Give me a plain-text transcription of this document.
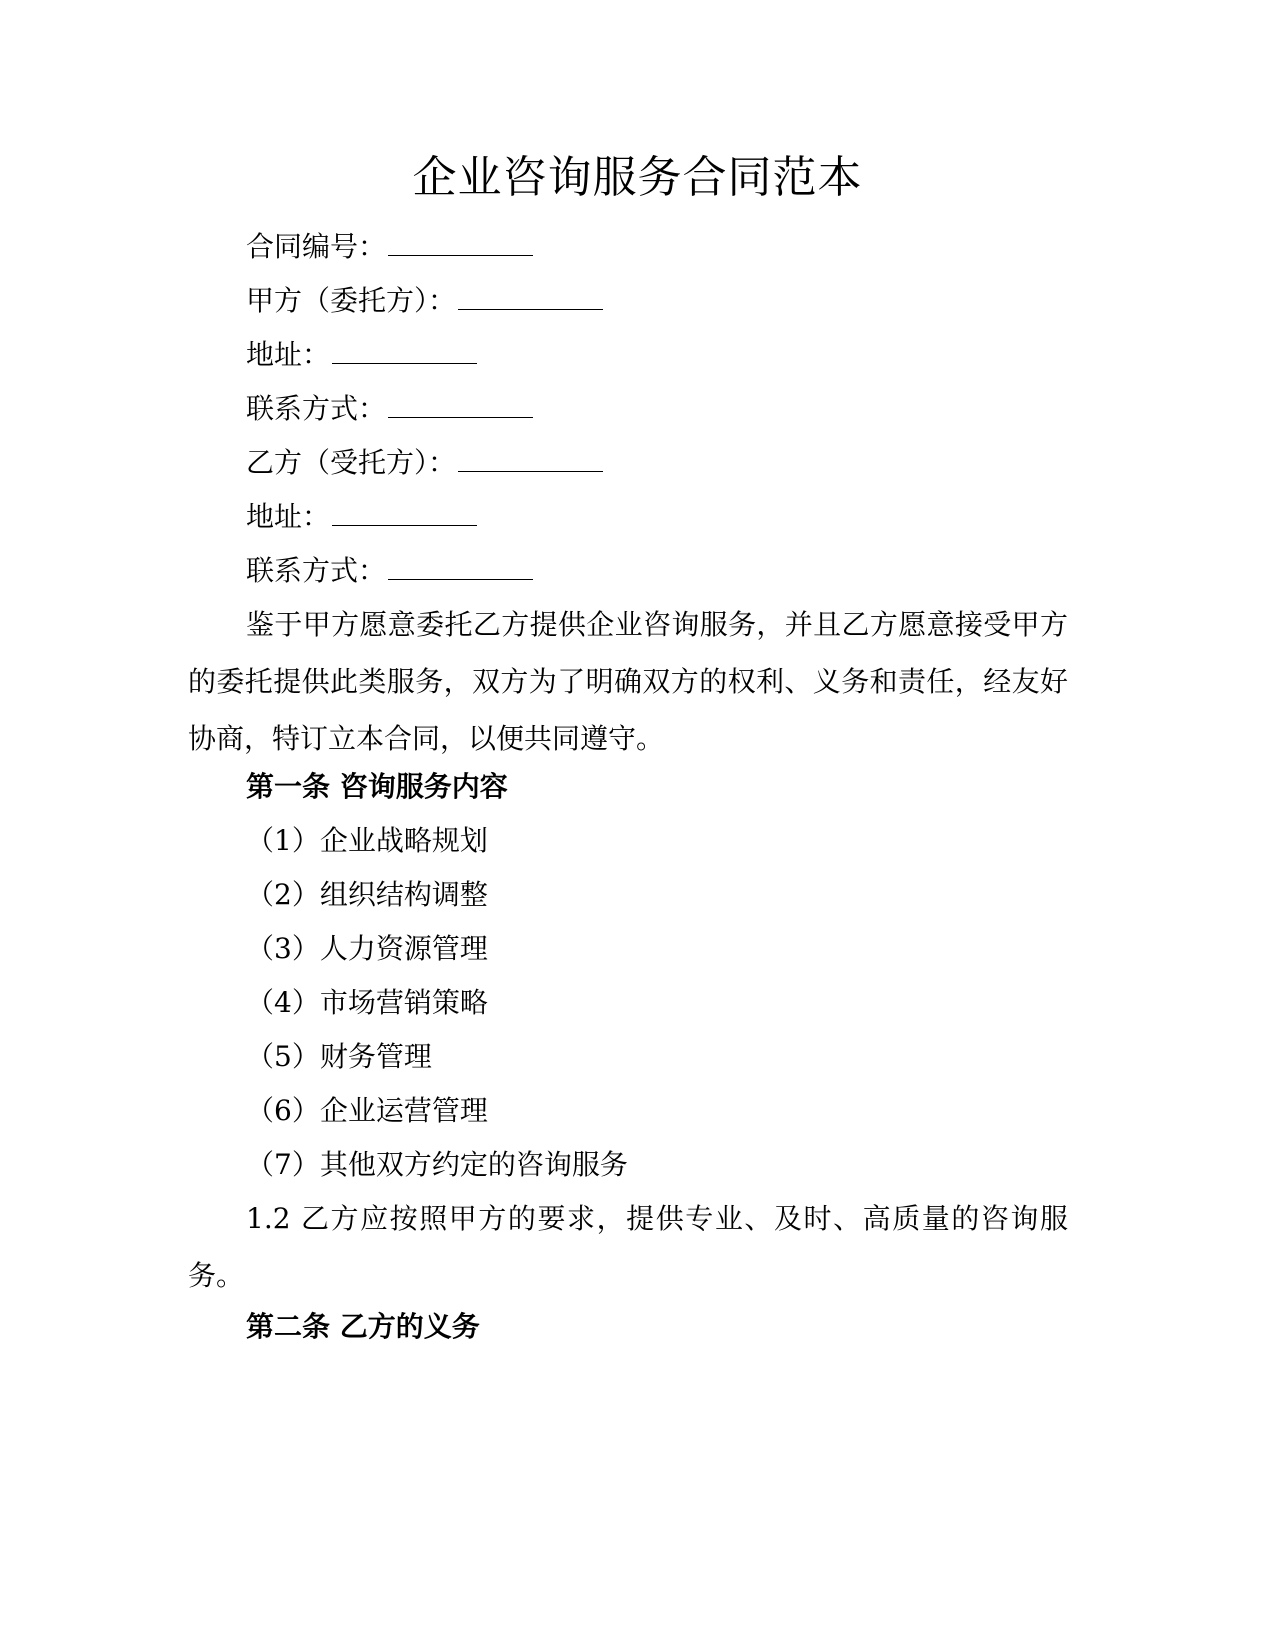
企业咨询服务合同范本
合同编号：
甲方（委托方）：
地址：
联系方式：
乙方（受托方）：
地址：
联系方式：

鉴于甲方愿意委托乙方提供企业咨询服务，并且乙方愿意接受甲方的委托提供此类服务，双方为了明确双方的权利、义务和责任，经友好协商，特订立本合同，以便共同遵守。

第一条 咨询服务内容
（1）企业战略规划
（2）组织结构调整
（3）人力资源管理
（4）市场营销策略
（5）财务管理
（6）企业运营管理
（7）其他双方约定的咨询服务

1.2 乙方应按照甲方的要求，提供专业、及时、高质量的咨询服务。

第二条 乙方的义务
